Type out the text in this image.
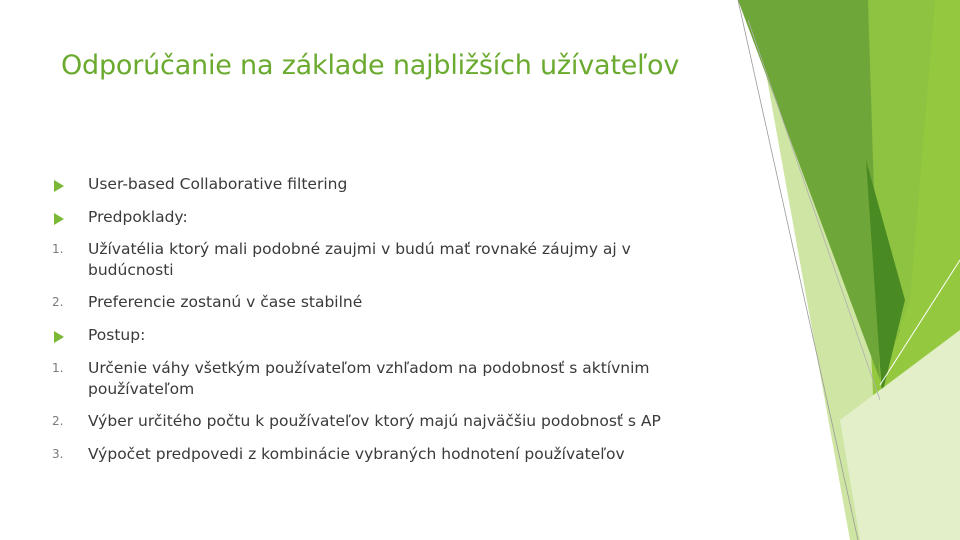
Odporúčanie na základe najbližších užívateľov
User-based Collaborative filtering
Predpoklady:
1.	Užívatélia ktorý mali podobné zaujmi v budú mať rovnaké záujmy aj v budúcnosti
2.	Preferencie zostanú v čase stabilné
Postup:
1.	Určenie váhy všetkým používateľom vzhľadom na podobnosť s aktívnim používateľom
2.	Výber určitého počtu k používateľov ktorý majú najväčšiu podobnosť s AP
3.	Výpočet predpovedi z kombinácie vybraných hodnotení používateľov
